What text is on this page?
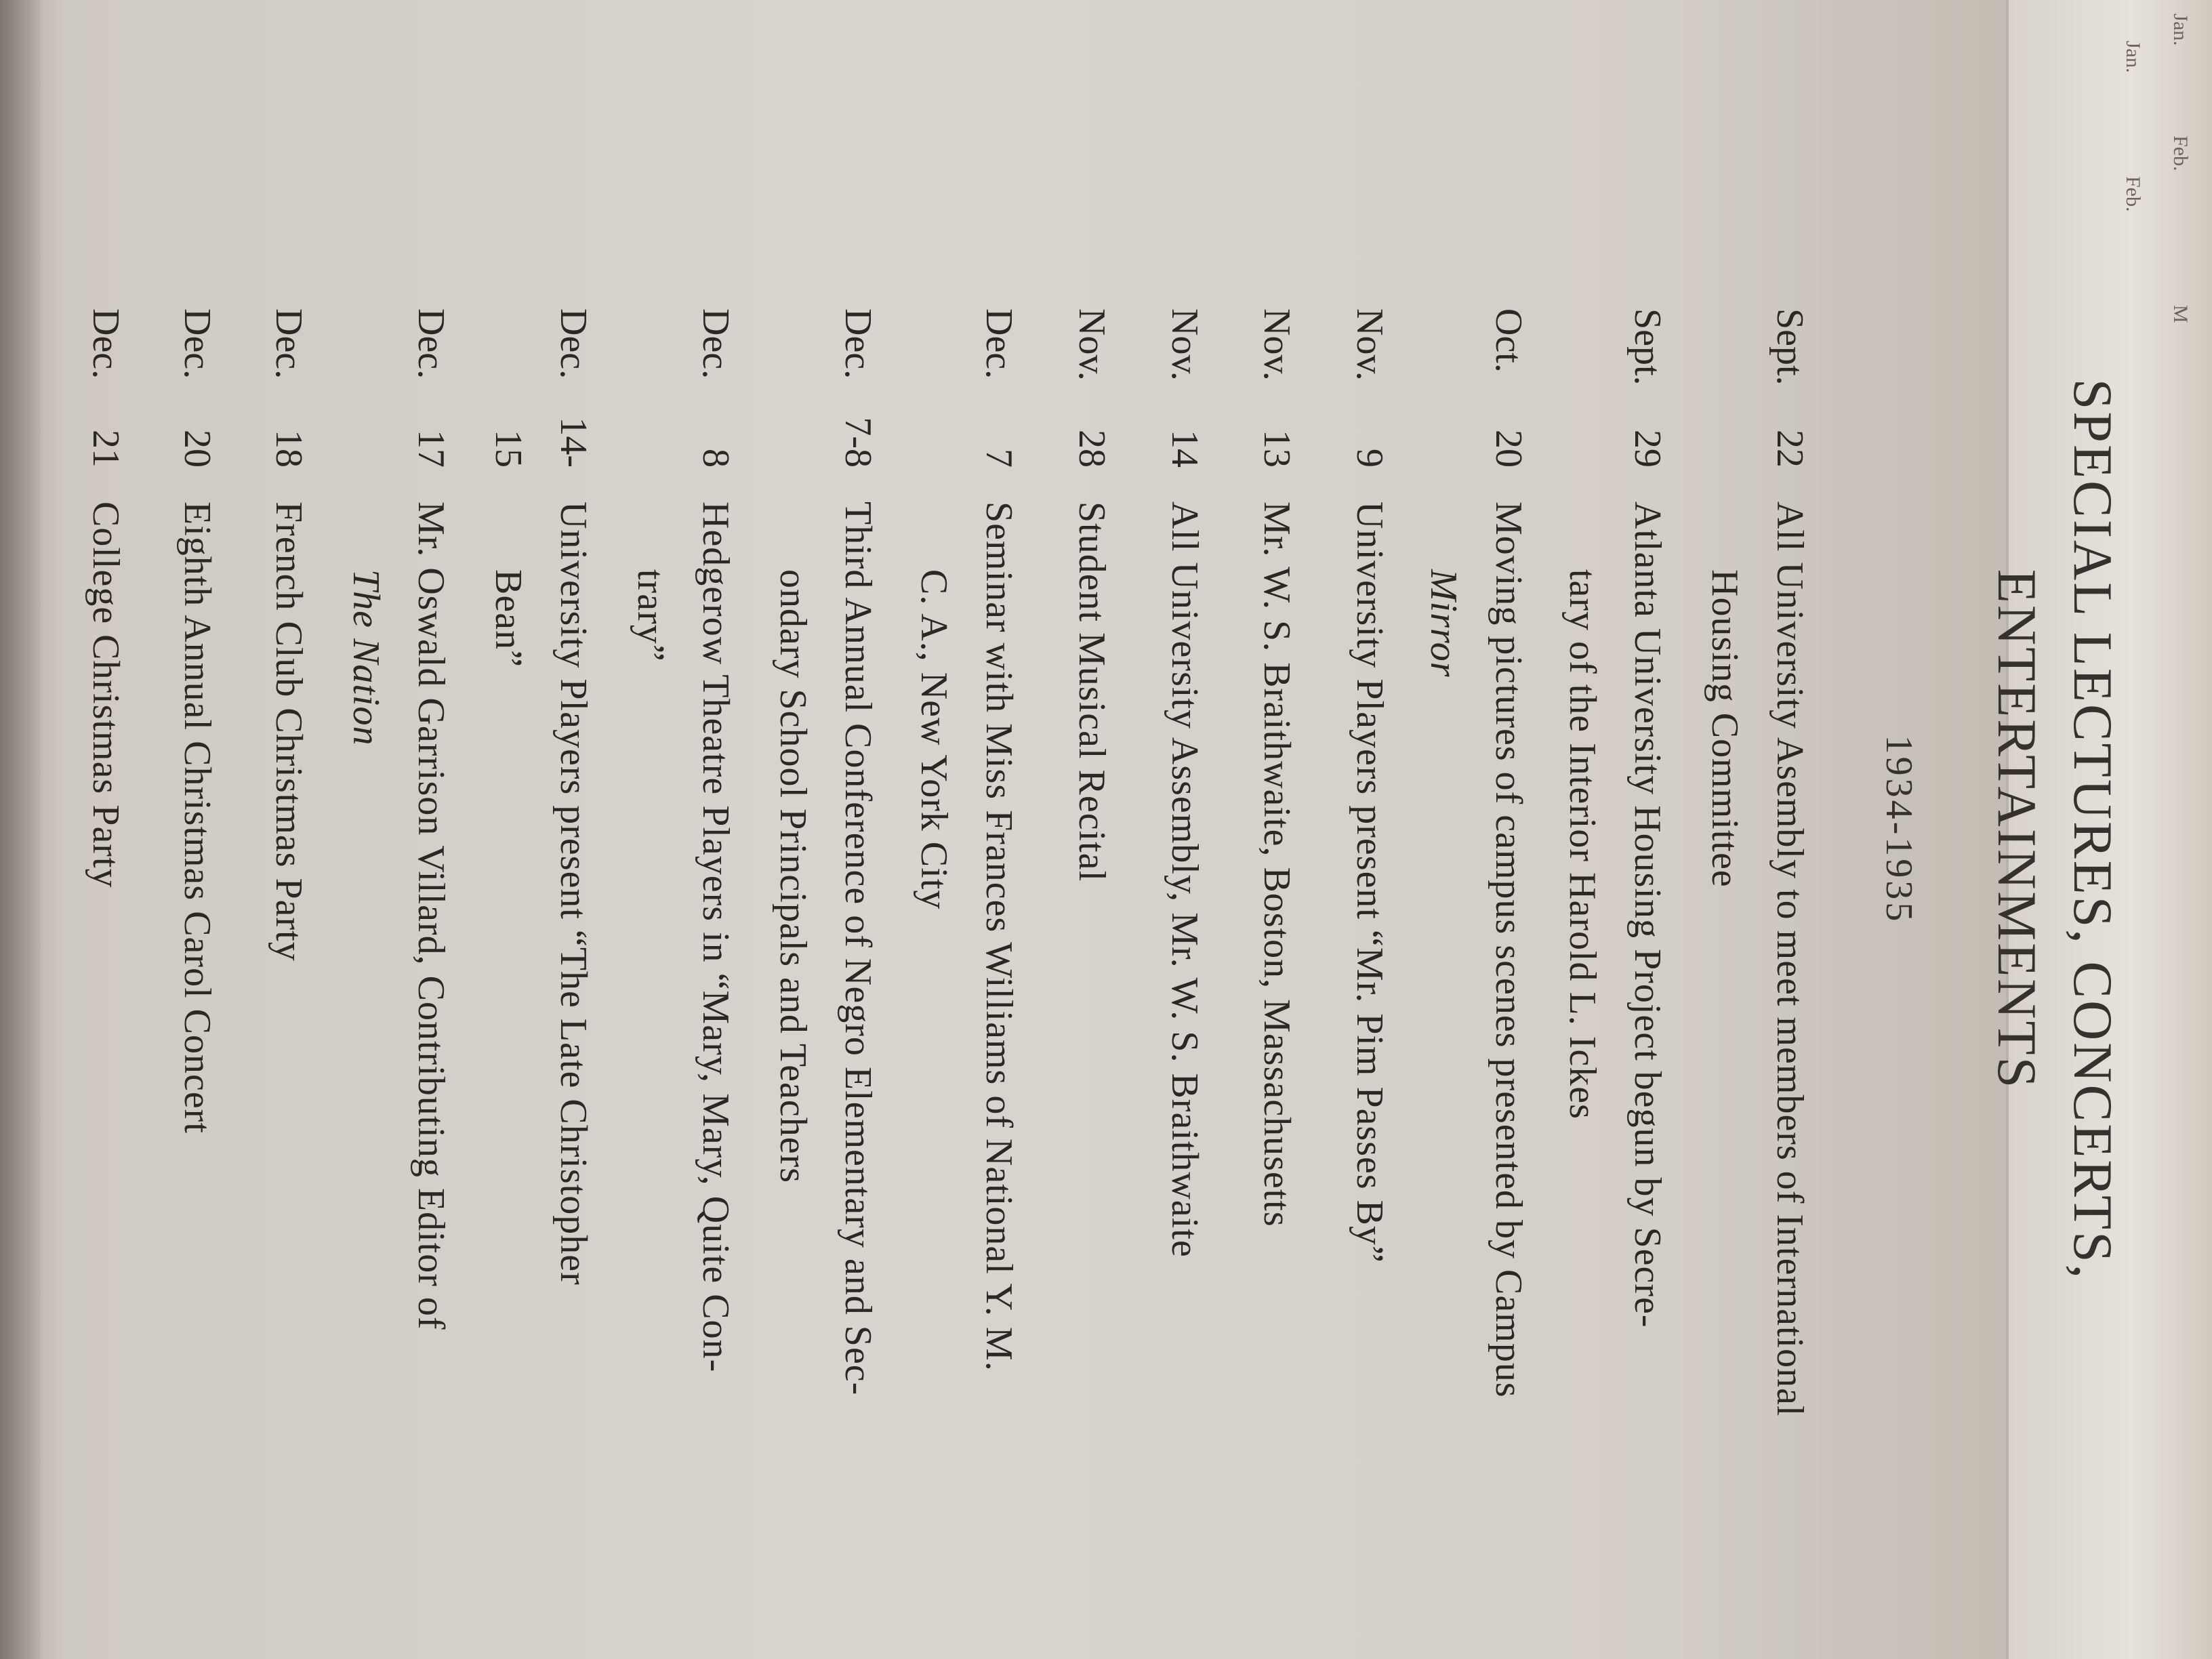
Jan.
Jan.
Feb.
Feb.
M
SPECIAL LECTURES, CONCERTS,
ENTERTAINMENTS
1934-1935
Sept.
22
All University Asembly to meet members of International
Housing Committee
Sept.
29
Atlanta University Housing Project begun by Secre-
tary of the Interior Harold L. Ickes
Oct.
20
Moving pictures of campus scenes presented by Campus
Mirror
Nov.
9
University Players present “Mr. Pim Passes By”
Nov.
13
Mr. W. S. Braithwaite, Boston, Massachusetts
Nov.
14
All University Assembly, Mr. W. S. Braithwaite
Nov.
28
Student Musical Recital
Dec.
7
Seminar with Miss Frances Williams of National Y. M.
C. A., New York City
Dec.
7-8
Third Annual Conference of Negro Elementary and Sec-
ondary School Principals and Teachers
Dec.
8
Hedgerow Theatre Players in “Mary, Mary, Quite Con-
trary”
Dec.
14-15
University Players present “The Late Christopher
Bean”
Dec.
17
Mr. Oswald Garrison Villard, Contributing Editor of
The Nation
Dec.
18
French Club Christmas Party
Dec.
20
Eighth Annual Christmas Carol Concert
Dec.
21
College Christmas Party
